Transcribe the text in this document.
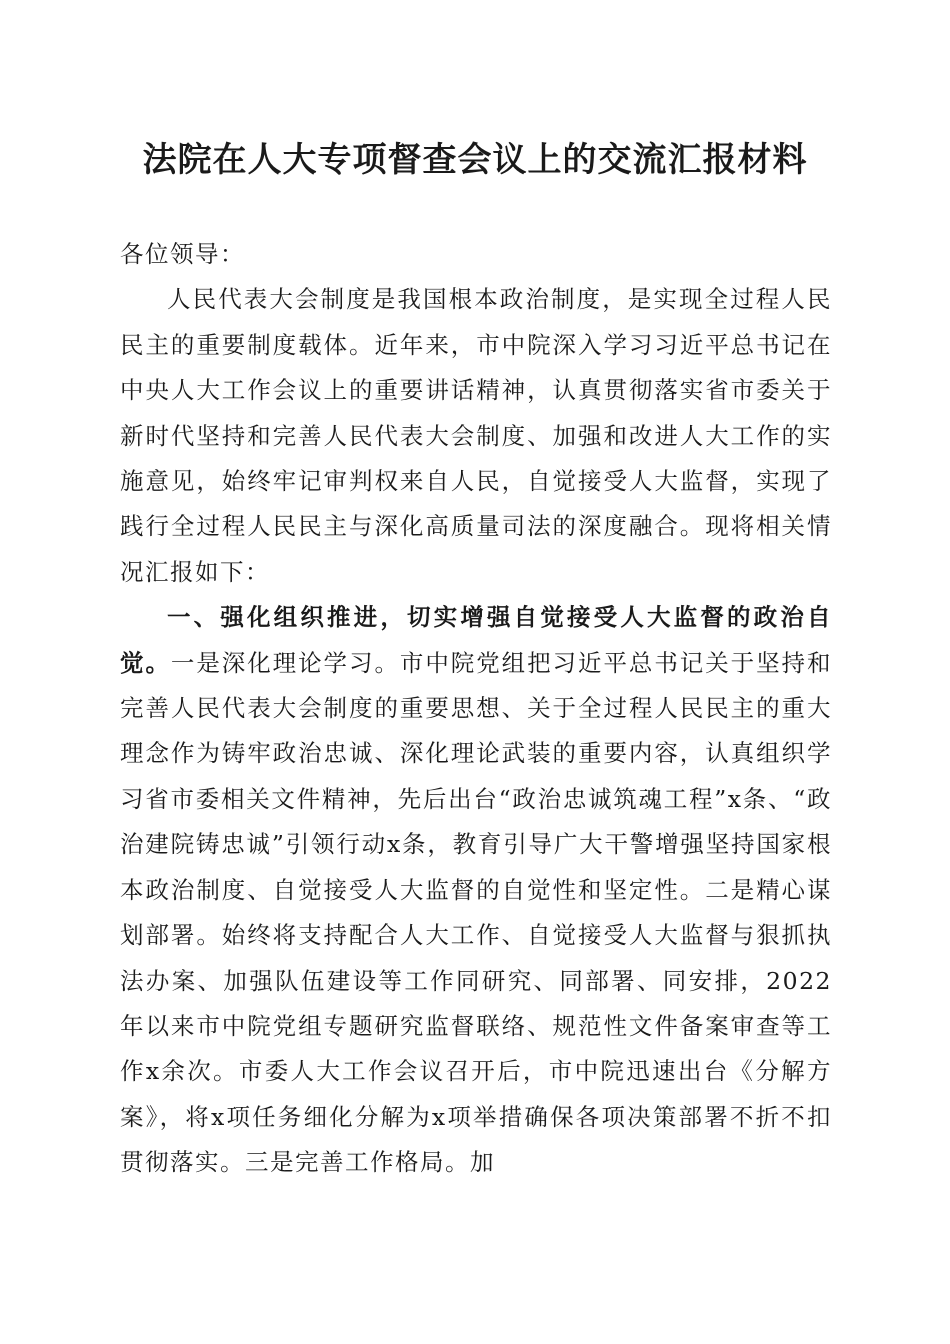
法院在人大专项督查会议上的交流汇报材料

各位领导：

人民代表大会制度是我国根本政治制度，是实现全过程人民民主的重要制度载体。近年来，市中院深入学习习近平总书记在中央人大工作会议上的重要讲话精神，认真贯彻落实省市委关于新时代坚持和完善人民代表大会制度、加强和改进人大工作的实施意见，始终牢记审判权来自人民，自觉接受人大监督，实现了践行全过程人民民主与深化高质量司法的深度融合。现将相关情况汇报如下：

一、强化组织推进，切实增强自觉接受人大监督的政治自觉。一是深化理论学习。市中院党组把习近平总书记关于坚持和完善人民代表大会制度的重要思想、关于全过程人民民主的重大理念作为铸牢政治忠诚、深化理论武装的重要内容，认真组织学习省市委相关文件精神，先后出台“政治忠诚筑魂工程”x条、“政治建院铸忠诚”引领行动x条，教育引导广大干警增强坚持国家根本政治制度、自觉接受人大监督的自觉性和坚定性。二是精心谋划部署。始终将支持配合人大工作、自觉接受人大监督与狠抓执法办案、加强队伍建设等工作同研究、同部署、同安排，2022年以来市中院党组专题研究监督联络、规范性文件备案审查等工作x余次。市委人大工作会议召开后，市中院迅速出台《分解方案》，将x项任务细化分解为x项举措确保各项决策部署不折不扣贯彻落实。三是完善工作格局。加
